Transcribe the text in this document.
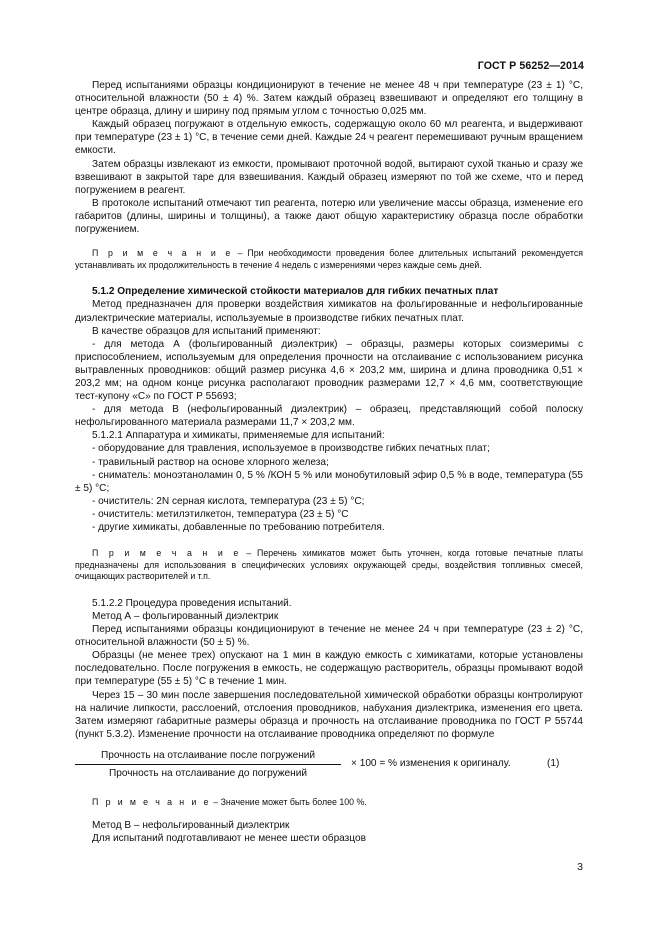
ГОСТ Р 56252—2014

Перед испытаниями образцы кондиционируют в течение не менее 48 ч при температуре (23 ± 1) °С, относительной влажности (50 ± 4) %. Затем каждый образец взвешивают и определяют его толщину в центре образца, длину и ширину под прямым углом с точностью 0,025 мм.

Каждый образец погружают в отдельную емкость, содержащую около 60 мл реагента, и выдерживают при температуре (23 ± 1) °С, в течение семи дней. Каждые 24 ч реагент перемешивают ручным вращением емкости.

Затем образцы извлекают из емкости, промывают проточной водой, вытирают сухой тканью и сразу же взвешивают в закрытой таре для взвешивания. Каждый образец измеряют по той же схеме, что и перед погружением в реагент.

В протоколе испытаний отмечают тип реагента, потерю или увеличение массы образца, изменение его габаритов (длины, ширины и толщины), а также дают общую характеристику образца после обработки погружением.

П р и м е ч а н и е – При необходимости проведения более длительных испытаний рекомендуется устанавливать их продолжительность в течение 4 недель с измерениями через каждые семь дней.

5.1.2 Определение химической стойкости материалов для гибких печатных плат

Метод предназначен для проверки воздействия химикатов на фольгированные и нефольгированные диэлектрические материалы, используемые в производстве гибких печатных плат.

В качестве образцов для испытаний применяют:

- для метода А (фольгированный диэлектрик) – образцы, размеры которых соизмеримы с приспособлением, используемым для определения прочности на отслаивание с использованием рисунка вытравленных проводников: общий размер рисунка 4,6 × 203,2 мм, ширина и длина проводника 0,51 × 203,2 мм; на одном конце рисунка располагают проводник размерами 12,7 × 4,6 мм, соответствующие тест-купону «С» по ГОСТ Р 55693;

- для метода В (нефольгированный диэлектрик) – образец, представляющий собой полоску нефольгированного материала размерами 11,7 × 203,2 мм.

5.1.2.1 Аппаратура и химикаты, применяемые для испытаний:

- оборудование для травления, используемое в производстве гибких печатных плат;

- травильный раствор на основе хлорного железа;

- сниматель: моноэтаноламин 0, 5 % /КОН 5 % или монобутиловый эфир 0,5 % в воде, температура (55 ± 5) °С;

- очиститель: 2N серная кислота, температура (23 ± 5) °С;

- очиститель: метилэтилкетон, температура (23 ± 5) °С

- другие химикаты, добавленные по требованию потребителя.

П р и м е ч а н и е – Перечень химикатов может быть уточнен, когда готовые печатные платы предназначены для использования в специфических условиях окружающей среды, воздействия топливных смесей, очищающих растворителей и т.п.

5.1.2.2 Процедура проведения испытаний.

Метод А – фольгированный диэлектрик

Перед испытаниями образцы кондиционируют в течение не менее 24 ч при температуре (23 ± 2) °С, относительной влажности (50 ± 5) %.

Образцы (не менее трех) опускают на 1 мин в каждую емкость с химикатами, которые установлены последовательно. После погружения в емкость, не содержащую растворитель, образцы промывают водой при температуре (55 ± 5) °С в течение 1 мин.

Через 15 – 30 мин после завершения последовательной химической обработки образцы контролируют на наличие липкости, расслоений, отслоения проводников, набухания диэлектрика, изменения его цвета. Затем измеряют габаритные размеры образца и прочность на отслаивание проводника по ГОСТ Р 55744 (пункт 5.3.2). Изменение прочности на отслаивание проводника определяют по формуле

Прочность на отслаивание после погружений
Прочность на отслаивание до погружений
× 100 = % изменения к оригиналу.	(1)

П р и м е ч а н и е – Значение может быть более 100 %.

Метод В – нефольгированный диэлектрик

Для испытаний подготавливают не менее шести образцов

3
